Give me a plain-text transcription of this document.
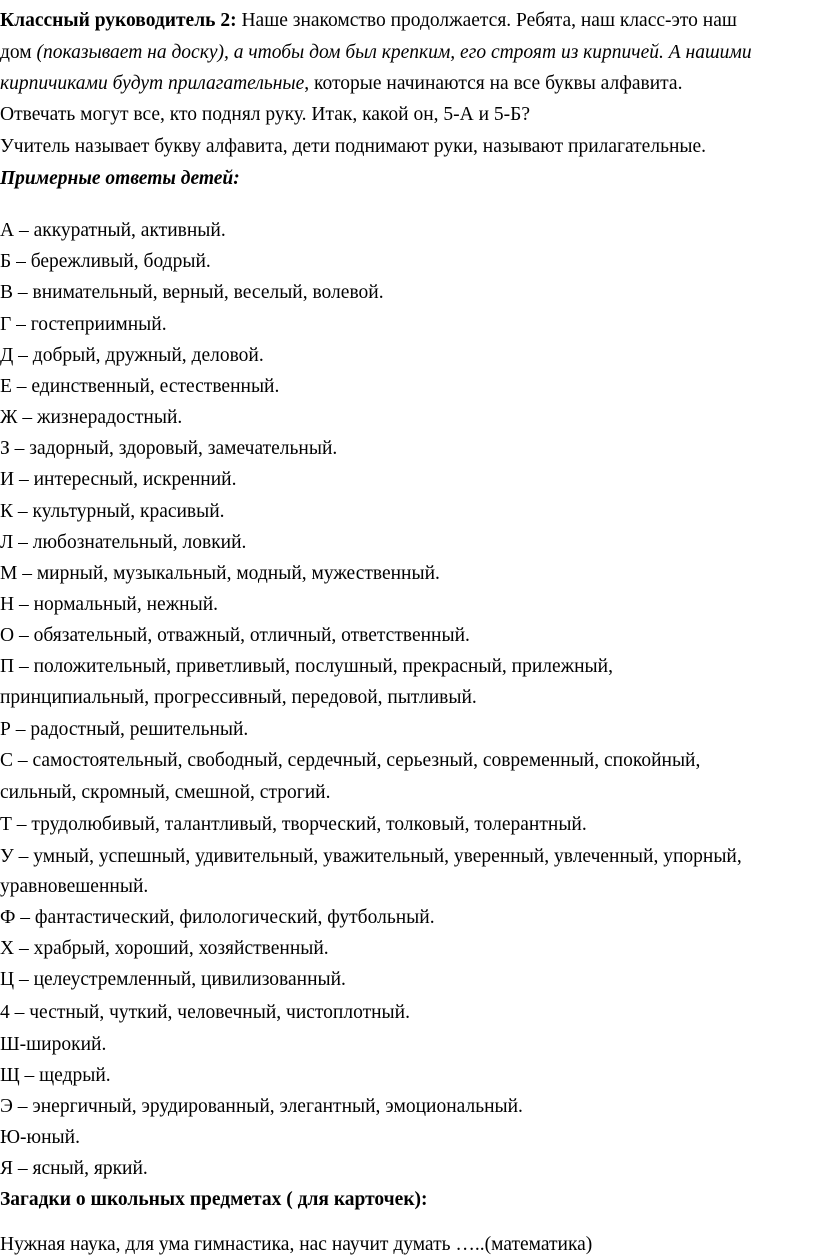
Классный руководитель 2: Наше знакомство продолжается. Ребята, наш класс-это наш
дом (показывает на доску), а чтобы дом был крепким, его строят из кирпичей. А нашими
кирпичиками будут прилагательные, которые начинаются на все буквы алфавита.
Отвечать могут все, кто поднял руку. Итак, какой он, 5-А и 5-Б?
Учитель называет букву алфавита, дети поднимают руки, называют прилагательные.
Примерные ответы детей:
А – аккуратный, активный.
Б – бережливый, бодрый.
В – внимательный, верный, веселый, волевой.
Г – гостеприимный.
Д – добрый, дружный, деловой.
Е – единственный, естественный.
Ж – жизнерадостный.
З – задорный, здоровый, замечательный.
И – интересный, искренний.
К – культурный, красивый.
Л – любознательный, ловкий.
М – мирный, музыкальный, модный, мужественный.
Н – нормальный, нежный.
О – обязательный, отважный, отличный, ответственный.
П – положительный, приветливый, послушный, прекрасный, прилежный,
принципиальный, прогрессивный, передовой, пытливый.
Р – радостный, решительный.
С – самостоятельный, свободный, сердечный, серьезный, современный, спокойный,
сильный, скромный, смешной, строгий.
Т – трудолюбивый, талантливый, творческий, толковый, толерантный.
У – умный, успешный, удивительный, уважительный, уверенный, увлеченный, упорный,
уравновешенный.
Ф – фантастический, филологический, футбольный.
Х – храбрый, хороший, хозяйственный.
Ц – целеустремленный, цивилизованный.
4 – честный, чуткий, человечный, чистоплотный.
Ш-широкий.
Щ – щедрый.
Э – энергичный, эрудированный, элегантный, эмоциональный.
Ю-юный.
Я – ясный, яркий.
Загадки о школьных предметах ( для карточек):
Нужная наука, для ума гимнастика, нас научит думать …..(математика)
